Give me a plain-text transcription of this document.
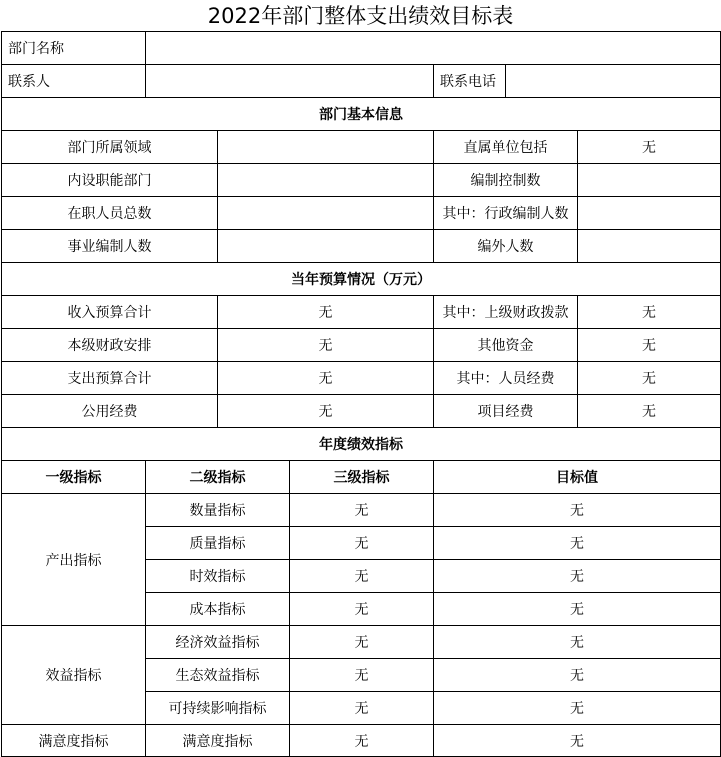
2022年部门整体支出绩效目标表
部门名称						
联系人				联系电话		
部门基本信息						
部门所属领域				直属单位包括		无
内设职能部门				编制控制数		
在职人员总数				其中：行政编制人数		
事业编制人数				编外人数		
当年预算情况（万元）						
收入预算合计		无		其中：上级财政拨款		无
本级财政安排		无		其他资金		无
支出预算合计		无		其中：人员经费		无
公用经费		无		项目经费		无
年度绩效指标						
一级指标	二级指标		三级指标	目标值		
产出指标	数量指标		无	无		
	质量指标		无	无		
	时效指标		无	无		
	成本指标		无	无		
效益指标	经济效益指标		无	无		
	生态效益指标		无	无		
	可持续影响指标		无	无		
满意度指标	满意度指标		无	无		
